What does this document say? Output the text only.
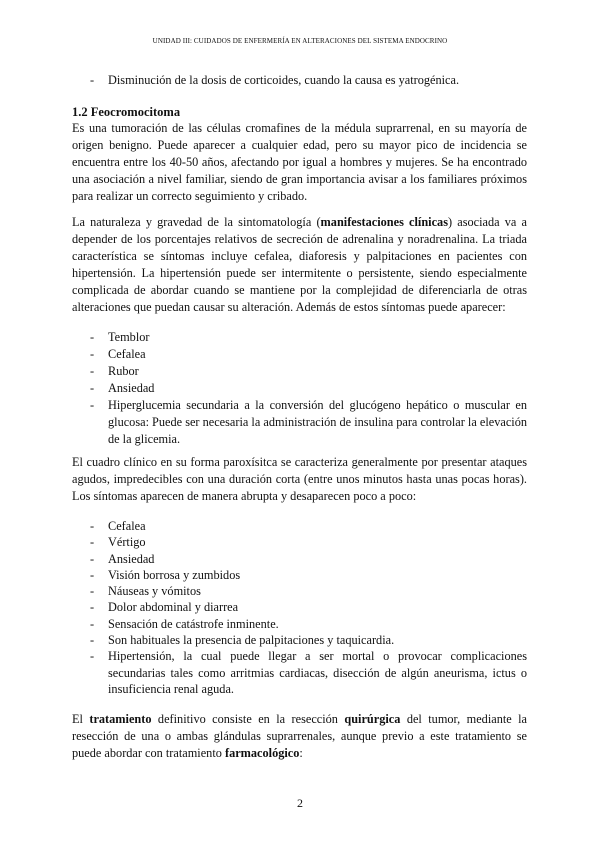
UNIDAD III: CUIDADOS DE ENFERMERÍA EN ALTERACIONES DEL SISTEMA ENDOCRINO
- Disminución de la dosis de corticoides, cuando la causa es yatrogénica.
1.2 Feocromocitoma
Es una tumoración de las células cromafines de la médula suprarrenal, en su mayoría de origen benigno. Puede aparecer a cualquier edad, pero su mayor pico de incidencia se encuentra entre los 40-50 años, afectando por igual a hombres y mujeres. Se ha encontrado una asociación a nivel familiar, siendo de gran importancia avisar a los familiares próximos para realizar un correcto seguimiento y cribado.
La naturaleza y gravedad de la sintomatología (manifestaciones clínicas) asociada va a depender de los porcentajes relativos de secreción de adrenalina y noradrenalina. La triada característica se síntomas incluye cefalea, diaforesis y palpitaciones en pacientes con hipertensión. La hipertensión puede ser intermitente o persistente, siendo especialmente complicada de abordar cuando se mantiene por la complejidad de diferenciarla de otras alteraciones que puedan causar su alteración. Además de estos síntomas puede aparecer:
- Temblor
- Cefalea
- Rubor
- Ansiedad
- Hiperglucemia secundaria a la conversión del glucógeno hepático o muscular en glucosa: Puede ser necesaria la administración de insulina para controlar la elevación de la glicemia.
El cuadro clínico en su forma paroxísitca se caracteriza generalmente por presentar ataques agudos, impredecibles con una duración corta (entre unos minutos hasta unas pocas horas). Los síntomas aparecen de manera abrupta y desaparecen poco a poco:
- Cefalea
- Vértigo
- Ansiedad
- Visión borrosa y zumbidos
- Náuseas y vómitos
- Dolor abdominal y diarrea
- Sensación de catástrofe inminente.
- Son habituales la presencia de palpitaciones y taquicardia.
- Hipertensión, la cual puede llegar a ser mortal o provocar complicaciones secundarias tales como arritmias cardiacas, disección de algún aneurisma, ictus o insuficiencia renal aguda.
El tratamiento definitivo consiste en la resección quirúrgica del tumor, mediante la resección de una o ambas glándulas suprarrenales, aunque previo a este tratamiento se puede abordar con tratamiento farmacológico:
2
